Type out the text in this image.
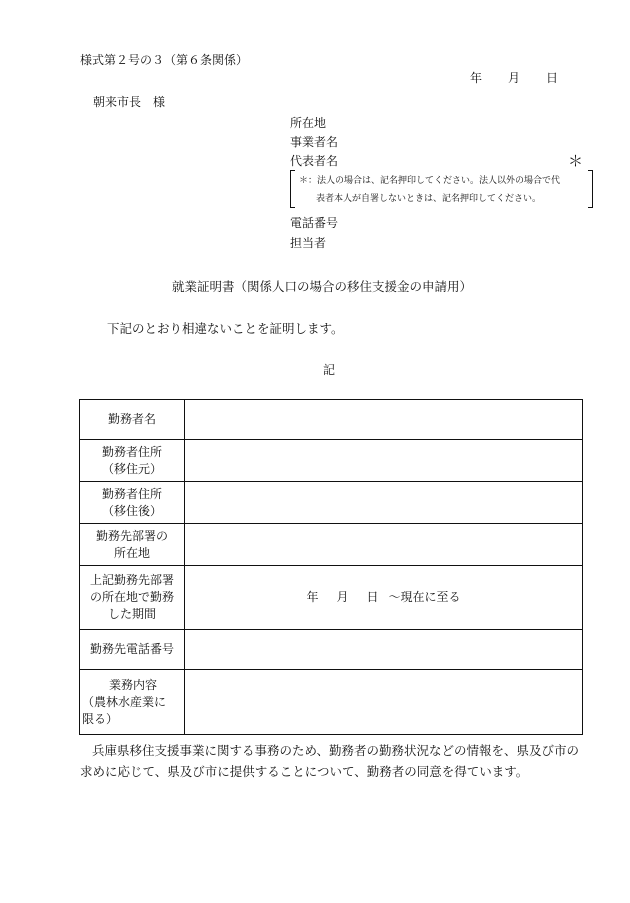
様式第２号の３（第６条関係）
年 月 日
朝来市長　様
所在地
事業者名
代表者名	＊
＊：法人の場合は、記名押印してください。法人以外の場合で代
表者本人が自署しないときは、記名押印してください。
電話番号
担当者
就業証明書（関係人口の場合の移住支援金の申請用）
下記のとおり相違ないことを証明します。
記
勤務者名	

勤務者住所
（移住元）	

勤務者住所
（移住後）	

勤務先部署の
所在地	

上記勤務先部署
の所在地で勤務
した期間	年 月 日 ～現在に至る
勤務先電話番号	

業務内容
（農林水産業に
限る）	

兵庫県移住支援事業に関する事務のため、勤務者の勤務状況などの情報を、県及び市の求めに応じて、県及び市に提供することについて、勤務者の同意を得ています。
